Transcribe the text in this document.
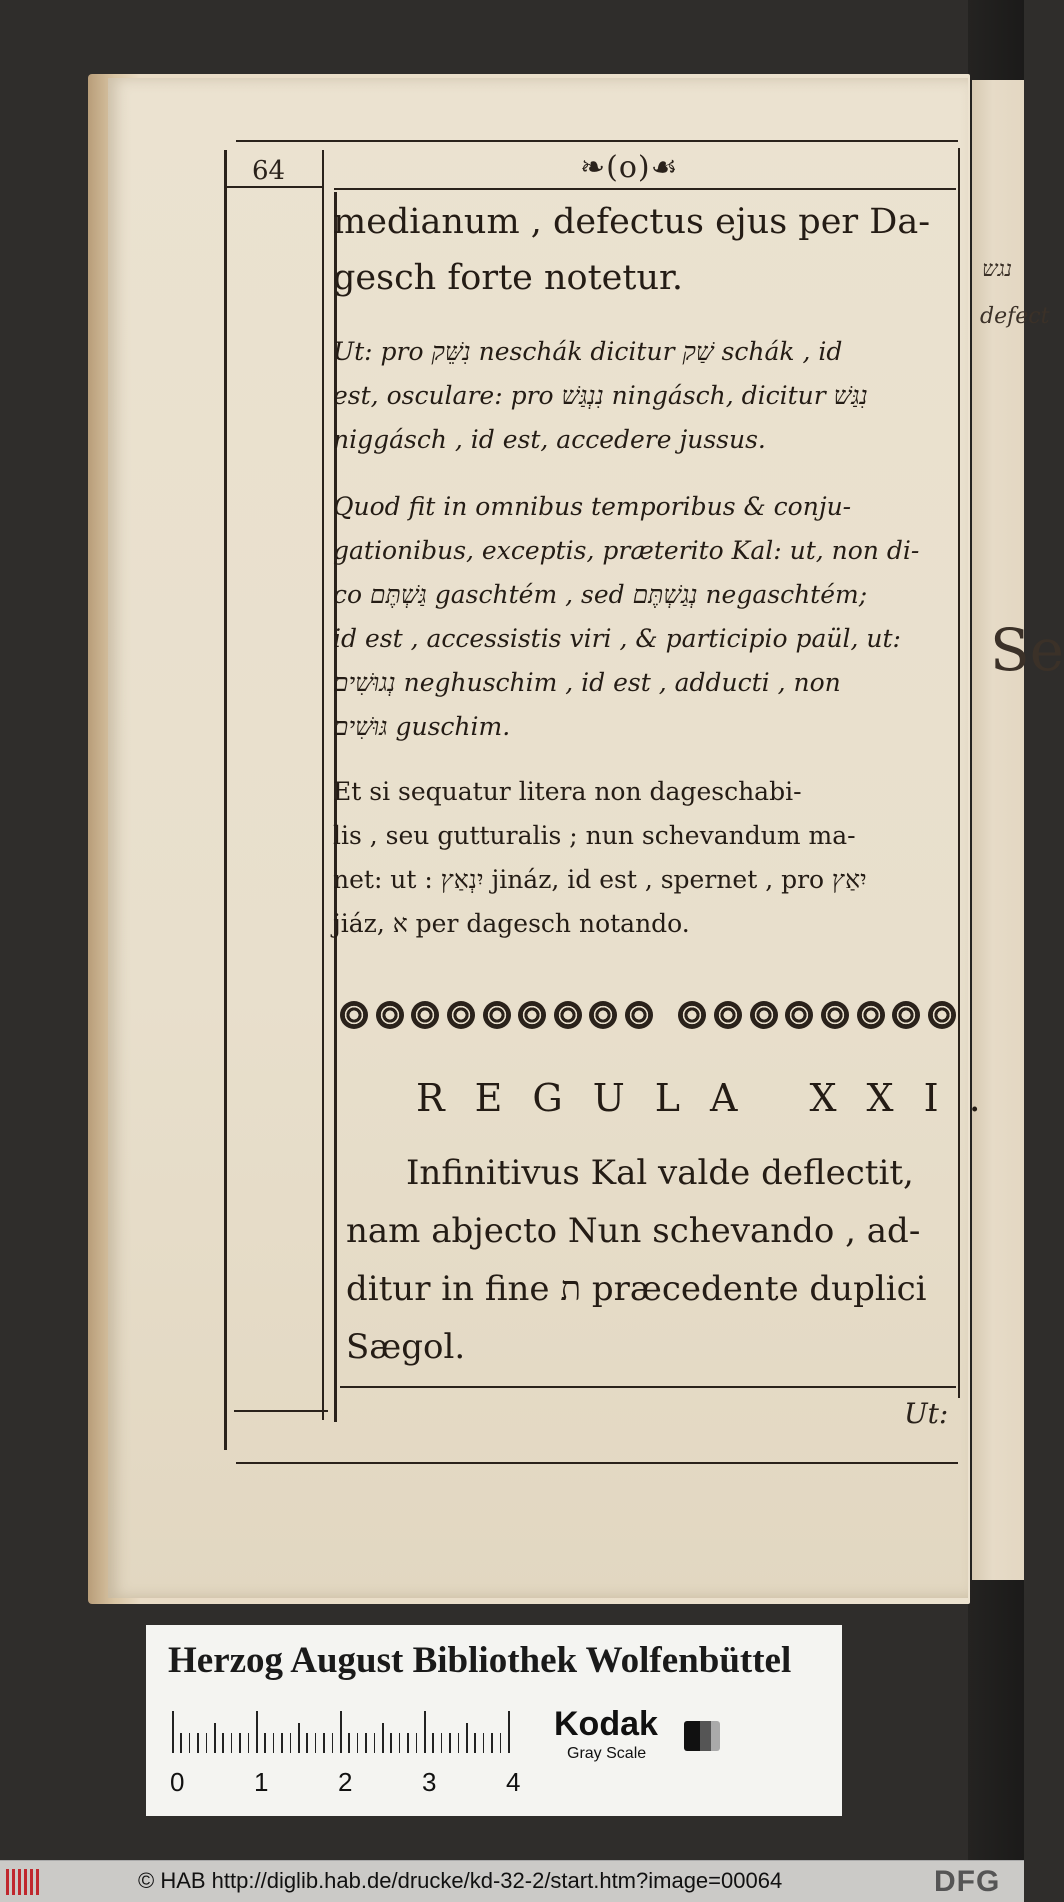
נגש
defect
Se
64	❧(o)☙
medianum , defectus ejus per Da-
gesch forte notetur.
Ut: pro נִשֵּׁק neschák dicitur שַׁק schák , id
est, osculare: pro נִנְגַּשׁ ningásch, dicitur נִגַּשׁ
niggásch , id est, accedere jussus.
Quod fit in omnibus temporibus & conju-
gationibus, exceptis, præterito Kal: ut, non di-
co גַּשְׁתֶּם gaschtém , sed נְגַשְׁתֶּם negaschtém;
id est , accessistis viri , & participio paül, ut:
נְגוּשִׁים neghuschim , id est , adducti , non
גּוּשִׁים guschim.
Et si sequatur litera non dageschabi-
lis , seu gutturalis ; nun schevandum ma-
net: ut : יִנְאַץ jináz, id est , spernet , pro יִאַץ
jiáz, א per dagesch notando.
REGULA XXI.
Infinitivus Kal valde deflectit,
nam abjecto Nun schevando , ad-
ditur in fine ת præcedente duplici
Sægol.
Ut:
Herzog August Bibliothek Wolfenbüttel
0	1	2	3	4
Kodak
Gray Scale
© HAB http://diglib.hab.de/drucke/kd-32-2/start.htm?image=00064	DFG
